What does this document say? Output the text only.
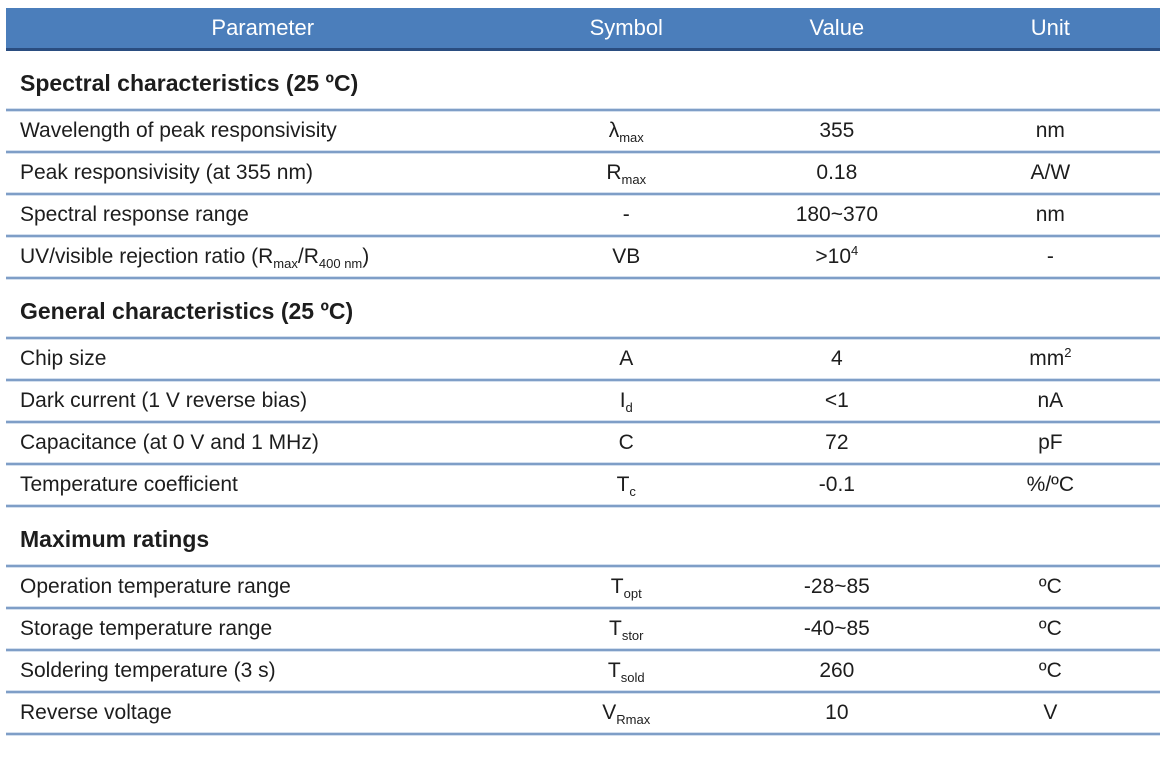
Parameter	Symbol	Value	Unit
Spectral characteristics (25 ºC)
Wavelength of peak responsivisity	$\lambda_{max}$	355	nm
Peak responsivisity (at 355 nm)	$R_{max}$	0.18	A/W
Spectral response range	-	180~370	nm
UV/visible rejection ratio $(R_{max}/R_{400 nm})$	VB	$>10^4$	-
General characteristics (25 ºC)
Chip size	A	4	$mm^2$
Dark current (1 V reverse bias)	$I_d$	<1	nA
Capacitance (at 0 V and 1 MHz)	C	72	pF
Temperature coefficient	$T_c$	-0.1	%/ºC
Maximum ratings
Operation temperature range	$T_{opt}$	-28~85	ºC
Storage temperature range	$T_{stor}$	-40~85	ºC
Soldering temperature (3 s)	$T_{sold}$	260	ºC
Reverse voltage	$V_{Rmax}$	10	V
